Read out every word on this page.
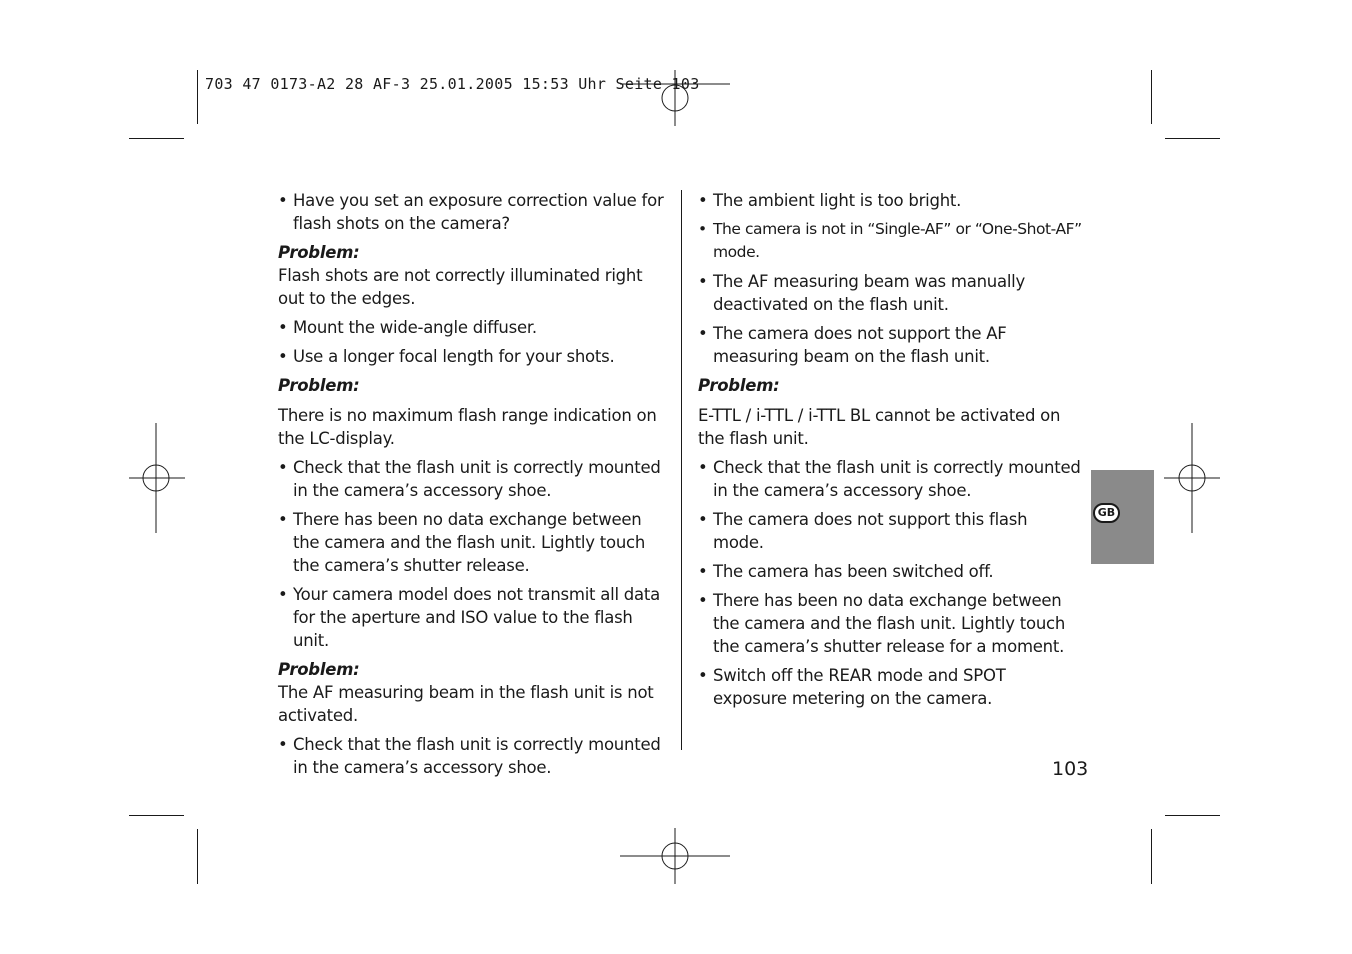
703 47 0173-A2 28 AF-3 25.01.2005 15:53 Uhr Seite 103
• Have you set an exposure correction value for flash shots on the camera?
Problem:
Flash shots are not correctly illuminated right out to the edges.
• Mount the wide-angle diffuser.
• Use a longer focal length for your shots.
Problem:
There is no maximum flash range indication on the LC-display.
• Check that the flash unit is correctly mounted in the camera’s accessory shoe.
• There has been no data exchange between the camera and the flash unit. Lightly touch the camera’s shutter release.
• Your camera model does not transmit all data for the aperture and ISO value to the flash unit.
Problem:
The AF measuring beam in the flash unit is not activated.
• Check that the flash unit is correctly mounted in the camera’s accessory shoe.
• The ambient light is too bright.
• The camera is not in “Single-AF” or “One-Shot-AF” mode.
• The AF measuring beam was manually deactivated on the flash unit.
• The camera does not support the AF measuring beam on the flash unit.
Problem:
E-TTL / i-TTL / i-TTL BL cannot be activated on the flash unit.
• Check that the flash unit is correctly mounted in the camera’s accessory shoe.
• The camera does not support this flash mode.
• The camera has been switched off.
• There has been no data exchange between the camera and the flash unit. Lightly touch the camera’s shutter release for a moment.
• Switch off the REAR mode and SPOT exposure metering on the camera.
GB
103
